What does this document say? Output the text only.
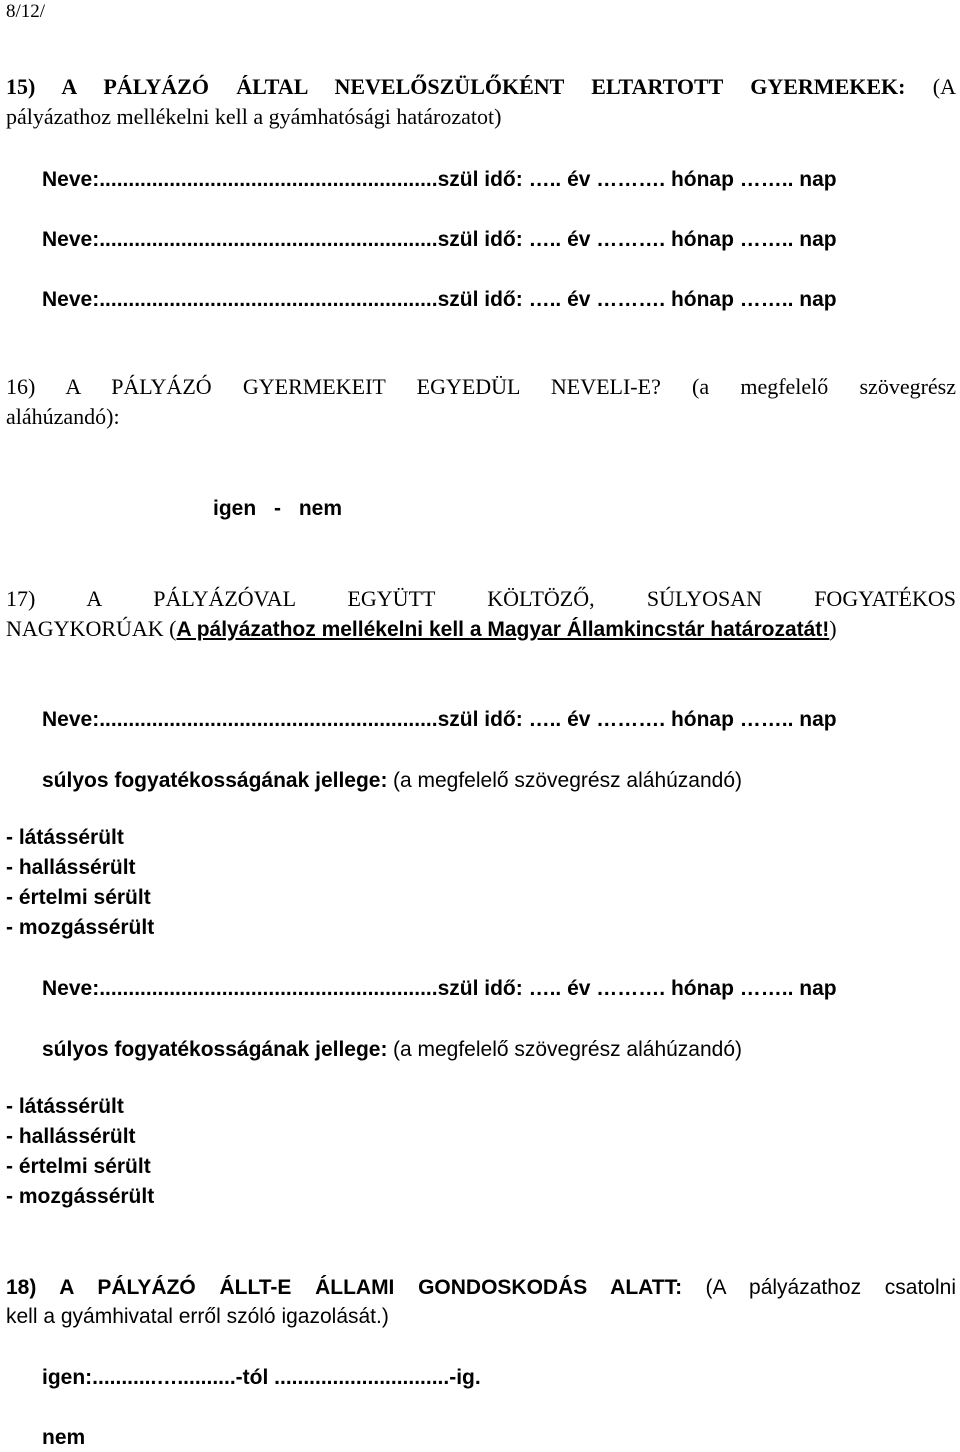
8/12/
15) A PÁLYÁZÓ ÁLTAL NEVELŐSZÜLŐKÉNT ELTARTOTT GYERMEKEK: (A
pályázathoz mellékelni kell a gyámhatósági határozatot)
Neve:..........................................................szül idő: ….. év ………. hónap …….. nap
Neve:..........................................................szül idő: ….. év ………. hónap …….. nap
Neve:..........................................................szül idő: ….. év ………. hónap …….. nap
16) A PÁLYÁZÓ GYERMEKEIT EGYEDÜL NEVELI-E? (a megfelelő szövegrész
aláhúzandó):
igen - nem
17) A PÁLYÁZÓVAL EGYÜTT KÖLTÖZŐ, SÚLYOSAN FOGYATÉKOS
NAGYKORÚAK (A pályázathoz mellékelni kell a Magyar Államkincstár határozatát!)
Neve:..........................................................szül idő: ….. év ………. hónap …….. nap
súlyos fogyatékosságának jellege: (a megfelelő szövegrész aláhúzandó)
- látássérült
- hallássérült
- értelmi sérült
- mozgássérült
Neve:..........................................................szül idő: ….. év ………. hónap …….. nap
súlyos fogyatékosságának jellege: (a megfelelő szövegrész aláhúzandó)
- látássérült
- hallássérült
- értelmi sérült
- mozgássérült
18) A PÁLYÁZÓ ÁLLT-E ÁLLAMI GONDOSKODÁS ALATT: (A pályázathoz csatolni
kell a gyámhivatal erről szóló igazolását.)
igen:...........…..........-tól ..............................-ig.
nem
